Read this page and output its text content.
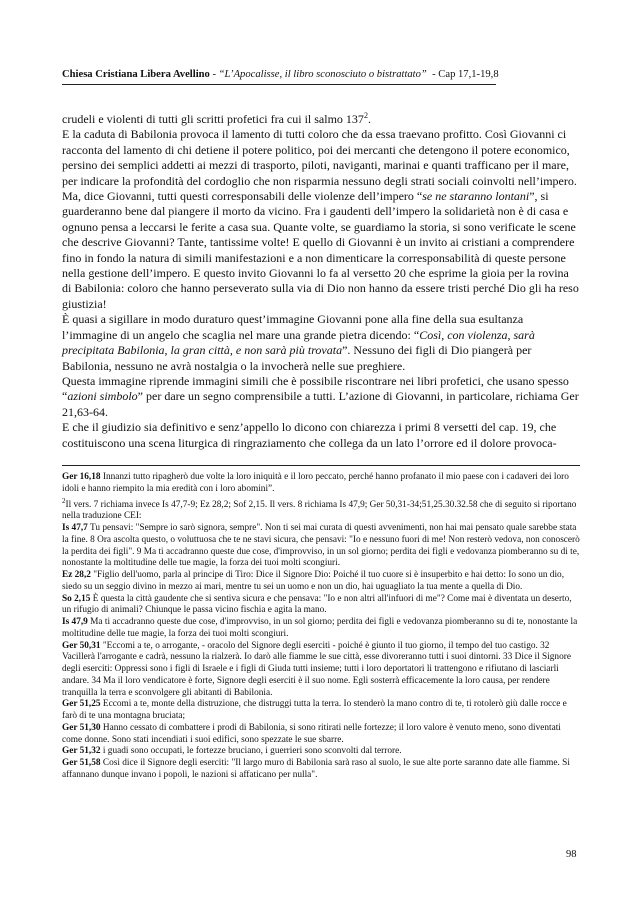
Chiesa Cristiana Libera Avellino - “L’Apocalisse, il libro sconosciuto o bistrattato”  - Cap 17,1-19,8

crudeli e violenti di tutti gli scritti profetici fra cui il salmo $137^2$.

E la caduta di Babilonia provoca il lamento di tutti coloro che da essa traevano profitto. Così Giovanni ci racconta del lamento di chi detiene il potere politico, poi dei mercanti che detengono il potere economico, persino dei semplici addetti ai mezzi di trasporto, piloti, naviganti, marinai e quanti trafficano per il mare, per indicare la profondità del cordoglio che non risparmia nessuno degli strati sociali coinvolti nell’impero.

Ma, dice Giovanni, tutti questi corresponsabili delle violenze dell’impero “se ne staranno lontani”, si guarderanno bene dal piangere il morto da vicino. Fra i gaudenti dell’impero la solidarietà non è di casa e ognuno pensa a leccarsi le ferite a casa sua. Quante volte, se guardiamo la storia, si sono verificate le scene che descrive Giovanni? Tante, tantissime volte! E quello di Giovanni è un invito ai cristiani a comprendere fino in fondo la natura di simili manifestazioni e a non dimenticare la corresponsabilità di queste persone nella gestione dell’impero. E questo invito Giovanni lo fa al versetto 20 che esprime la gioia per la rovina di Babilonia: coloro che hanno perseverato sulla via di Dio non hanno da essere tristi perché Dio gli ha reso giustizia!

È quasi a sigillare in modo duraturo quest’immagine Giovanni pone alla fine della sua esultanza l’immagine di un angelo che scaglia nel mare una grande pietra dicendo: “Così, con violenza, sarà precipitata Babilonia, la gran città, e non sarà più trovata”. Nessuno dei figli di Dio piangerà per Babilonia, nessuno ne avrà nostalgia o la invocherà nelle sue preghiere.

Questa immagine riprende immagini simili che è possibile riscontrare nei libri profetici, che usano spesso “azioni simbolo” per dare un segno comprensibile a tutti. L’azione di Giovanni, in particolare, richiama Ger 21,63-64.

E che il giudizio sia definitivo e senz’appello lo dicono con chiarezza i primi 8 versetti del cap. 19, che costituiscono una scena liturgica di ringraziamento che collega da un lato l’orrore ed il dolore provoca-

Ger 16,18 Innanzi tutto ripagherò due volte la loro iniquità e il loro peccato, perché hanno profanato il mio paese con i cadaveri dei loro idoli e hanno riempito la mia eredità con i loro abomini”.

$^2$Il vers. 7 richiama invece Is 47,7-9; Ez 28,2; Sof 2,15. Il vers. 8 richiama Is 47,9; Ger 50,31-34;51,25.30.32.58 che di seguito si riportano nella traduzione CEI:

Is 47,7 Tu pensavi: "Sempre io sarò signora, sempre". Non ti sei mai curata di questi avvenimenti, non hai mai pensato quale sarebbe stata la fine. 8 Ora ascolta questo, o voluttuosa che te ne stavi sicura, che pensavi: "Io e nessuno fuori di me! Non resterò vedova, non conoscerò la perdita dei figli". 9 Ma ti accadranno queste due cose, d'improvviso, in un sol giorno; perdita dei figli e vedovanza piomberanno su di te, nonostante la moltitudine delle tue magie, la forza dei tuoi molti scongiuri.

Ez 28,2 "Figlio dell'uomo, parla al principe di Tiro: Dice il Signore Dio: Poiché il tuo cuore si è insuperbito e hai detto: Io sono un dio, siedo su un seggio divino in mezzo ai mari, mentre tu sei un uomo e non un dio, hai uguagliato la tua mente a quella di Dio.

So 2,15 È questa la città gaudente che si sentiva sicura e che pensava: "Io e non altri all'infuori di me"? Come mai è diventata un deserto, un rifugio di animali? Chiunque le passa vicino fischia e agita la mano.

Is 47,9 Ma ti accadranno queste due cose, d'improvviso, in un sol giorno; perdita dei figli e vedovanza piomberanno su di te, nonostante la moltitudine delle tue magie, la forza dei tuoi molti scongiuri.

Ger 50,31 "Eccomi a te, o arrogante, - oracolo del Signore degli eserciti - poiché è giunto il tuo giorno, il tempo del tuo castigo. 32 Vacillerà l'arrogante e cadrà, nessuno la rialzerà. Io darò alle fiamme le sue città, esse divoreranno tutti i suoi dintorni. 33 Dice il Signore degli eserciti: Oppressi sono i figli di Israele e i figli di Giuda tutti insieme; tutti i loro deportatori li trattengono e rifiutano di lasciarli andare. 34 Ma il loro vendicatore è forte, Signore degli eserciti è il suo nome. Egli sosterrà efficacemente la loro causa, per rendere tranquilla la terra e sconvolgere gli abitanti di Babilonia.

Ger 51,25 Eccomi a te, monte della distruzione, che distruggi tutta la terra. Io stenderò la mano contro di te, ti rotolerò giù dalle rocce e farò di te una montagna bruciata;

Ger 51,30 Hanno cessato di combattere i prodi di Babilonia, si sono ritirati nelle fortezze; il loro valore è venuto meno, sono diventati come donne. Sono stati incendiati i suoi edifici, sono spezzate le sue sbarre.

Ger 51,32 i guadi sono occupati, le fortezze bruciano, i guerrieri sono sconvolti dal terrore.

Ger 51,58 Così dice il Signore degli eserciti: "Il largo muro di Babilonia sarà raso al suolo, le sue alte porte saranno date alle fiamme. Si affannano dunque invano i popoli, le nazioni si affaticano per nulla".

98
